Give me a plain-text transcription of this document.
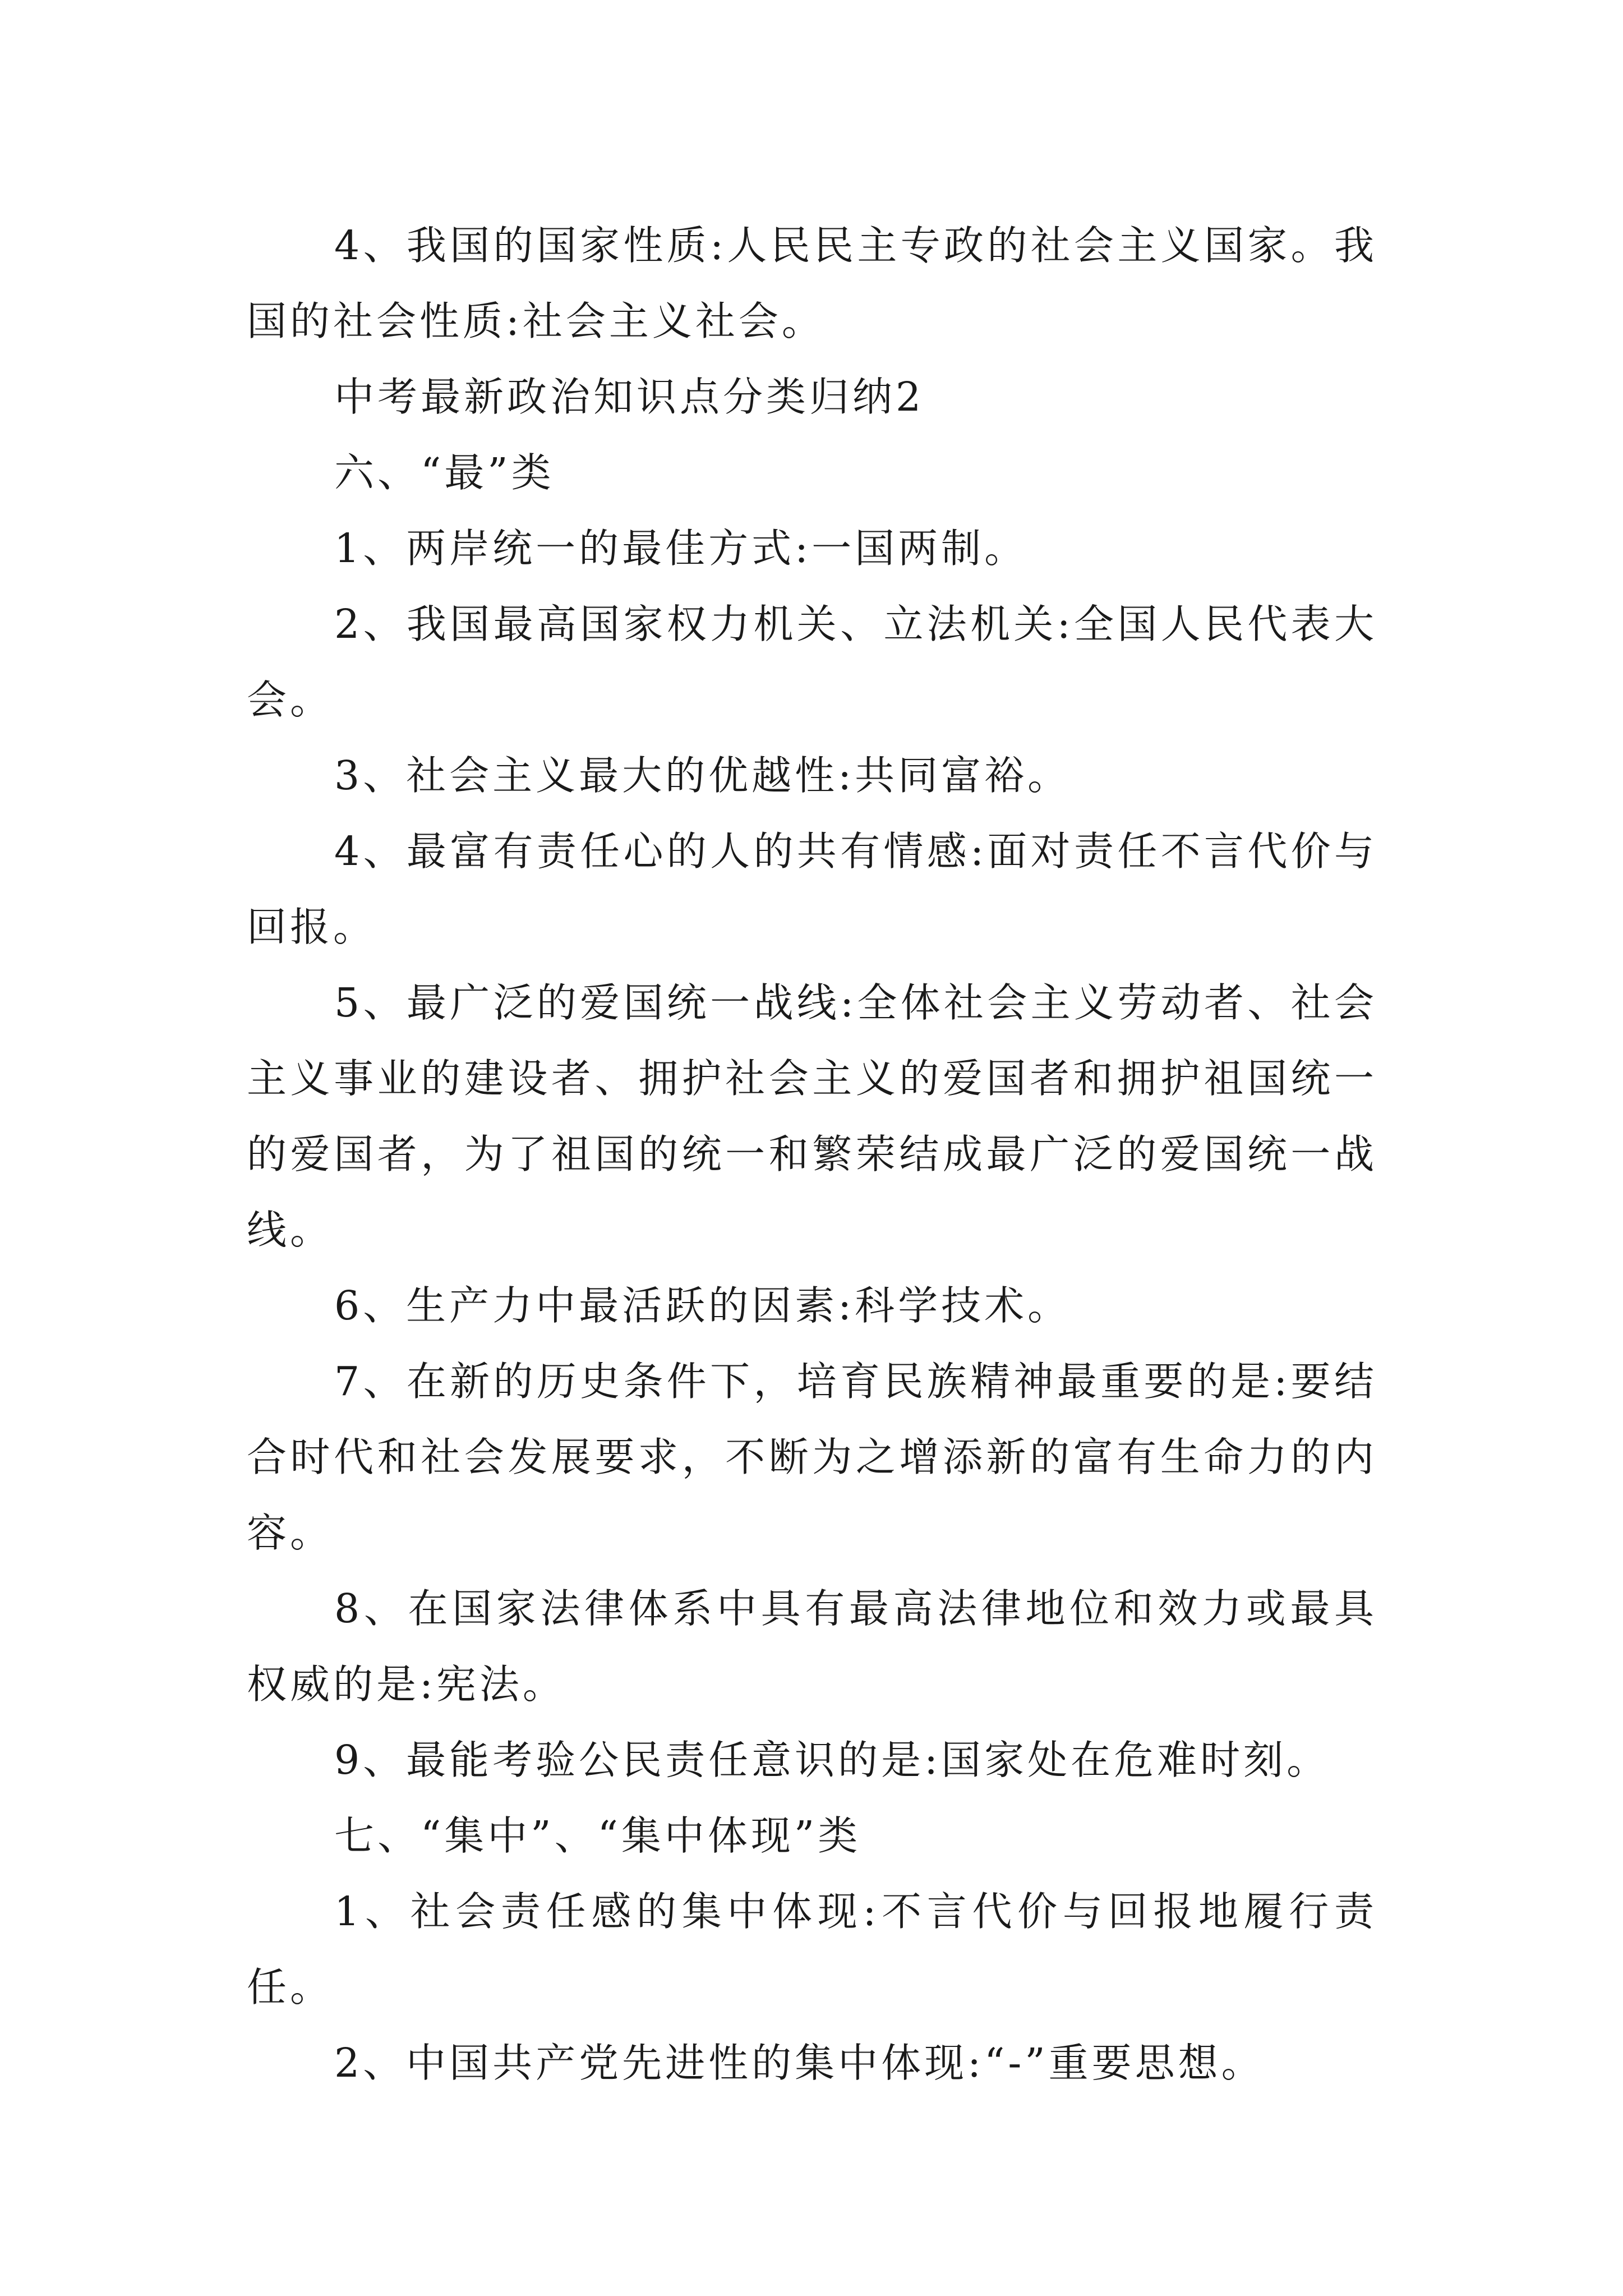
4、我国的国家性质:人民民主专政的社会主义国家。我国的社会性质:社会主义社会。

中考最新政治知识点分类归纳2

六、“最”类

1、两岸统一的最佳方式:一国两制。

2、我国最高国家权力机关、立法机关:全国人民代表大会。

3、社会主义最大的优越性:共同富裕。

4、最富有责任心的人的共有情感:面对责任不言代价与回报。

5、最广泛的爱国统一战线:全体社会主义劳动者、社会主义事业的建设者、拥护社会主义的爱国者和拥护祖国统一的爱国者，为了祖国的统一和繁荣结成最广泛的爱国统一战线。

6、生产力中最活跃的因素:科学技术。

7、在新的历史条件下，培育民族精神最重要的是:要结合时代和社会发展要求，不断为之增添新的富有生命力的内容。

8、在国家法律体系中具有最高法律地位和效力或最具权威的是:宪法。

9、最能考验公民责任意识的是:国家处在危难时刻。

七、“集中”、“集中体现”类

1、社会责任感的集中体现:不言代价与回报地履行责任。

2、中国共产党先进性的集中体现:“-”重要思想。
